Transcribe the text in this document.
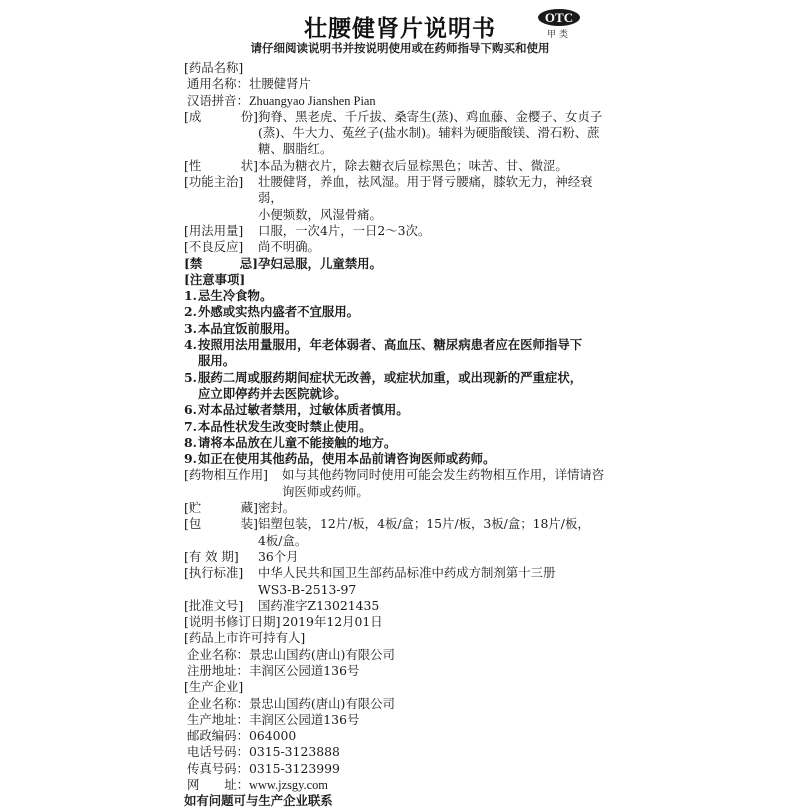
壮腰健肾片说明书
请仔细阅读说明书并按说明使用或在药师指导下购买和使用
OTC
甲类
[药品名称]
通用名称： 壮腰健肾片
汉语拼音： Zhuangyao Jianshen Pian
[成	份] 狗脊、黑老虎、千斤拔、桑寄生(蒸)、鸡血藤、金樱子、女贞子
(蒸)、牛大力、菟丝子(盐水制)。辅料为硬脂酸镁、滑石粉、蔗
糖、胭脂红。
[性	状] 本品为糖衣片，除去糖衣后显棕黑色；味苦、甘、微涩。
[功能主治]	壮腰健肾，养血，祛风湿。用于肾亏腰痛，膝软无力，神经衰弱，
小便频数，风湿骨痛。
[用法用量]	口服，一次4片，一日2～3次。
[不良反应]	尚不明确。
[禁	忌] 孕妇忌服，儿童禁用。
[注意事项]
1.忌生冷食物。
2.外感或实热内盛者不宜服用。
3.本品宜饭前服用。
4.按照用法用量服用，年老体弱者、高血压、糖尿病患者应在医师指导下
服用。
5.服药二周或服药期间症状无改善，或症状加重，或出现新的严重症状，
应立即停药并去医院就诊。
6.对本品过敏者禁用，过敏体质者慎用。
7.本品性状发生改变时禁止使用。
8.请将本品放在儿童不能接触的地方。
9.如正在使用其他药品，使用本品前请咨询医师或药师。
[药物相互作用]	如与其他药物同时使用可能会发生药物相互作用，详情请咨
询医师或药师。
[贮	藏] 密封。
[包	装] 铝塑包装，12片/板，4板/盒；15片/板，3板/盒；18片/板，
4板/盒。
[有 效 期]	36个月
[执行标准]	中华人民共和国卫生部药品标准中药成方制剂第十三册
WS3-B-2513-97
[批准文号]	国药准字Z13021435
[说明书修订日期] 2019年12月01日
[药品上市许可持有人]
企业名称： 景忠山国药(唐山)有限公司
注册地址： 丰润区公园道136号
[生产企业]
企业名称： 景忠山国药(唐山)有限公司
生产地址： 丰润区公园道136号
邮政编码： 064000
电话号码： 0315-3123888
传真号码： 0315-3123999
网 址： www.jzsgy.com
如有问题可与生产企业联系
